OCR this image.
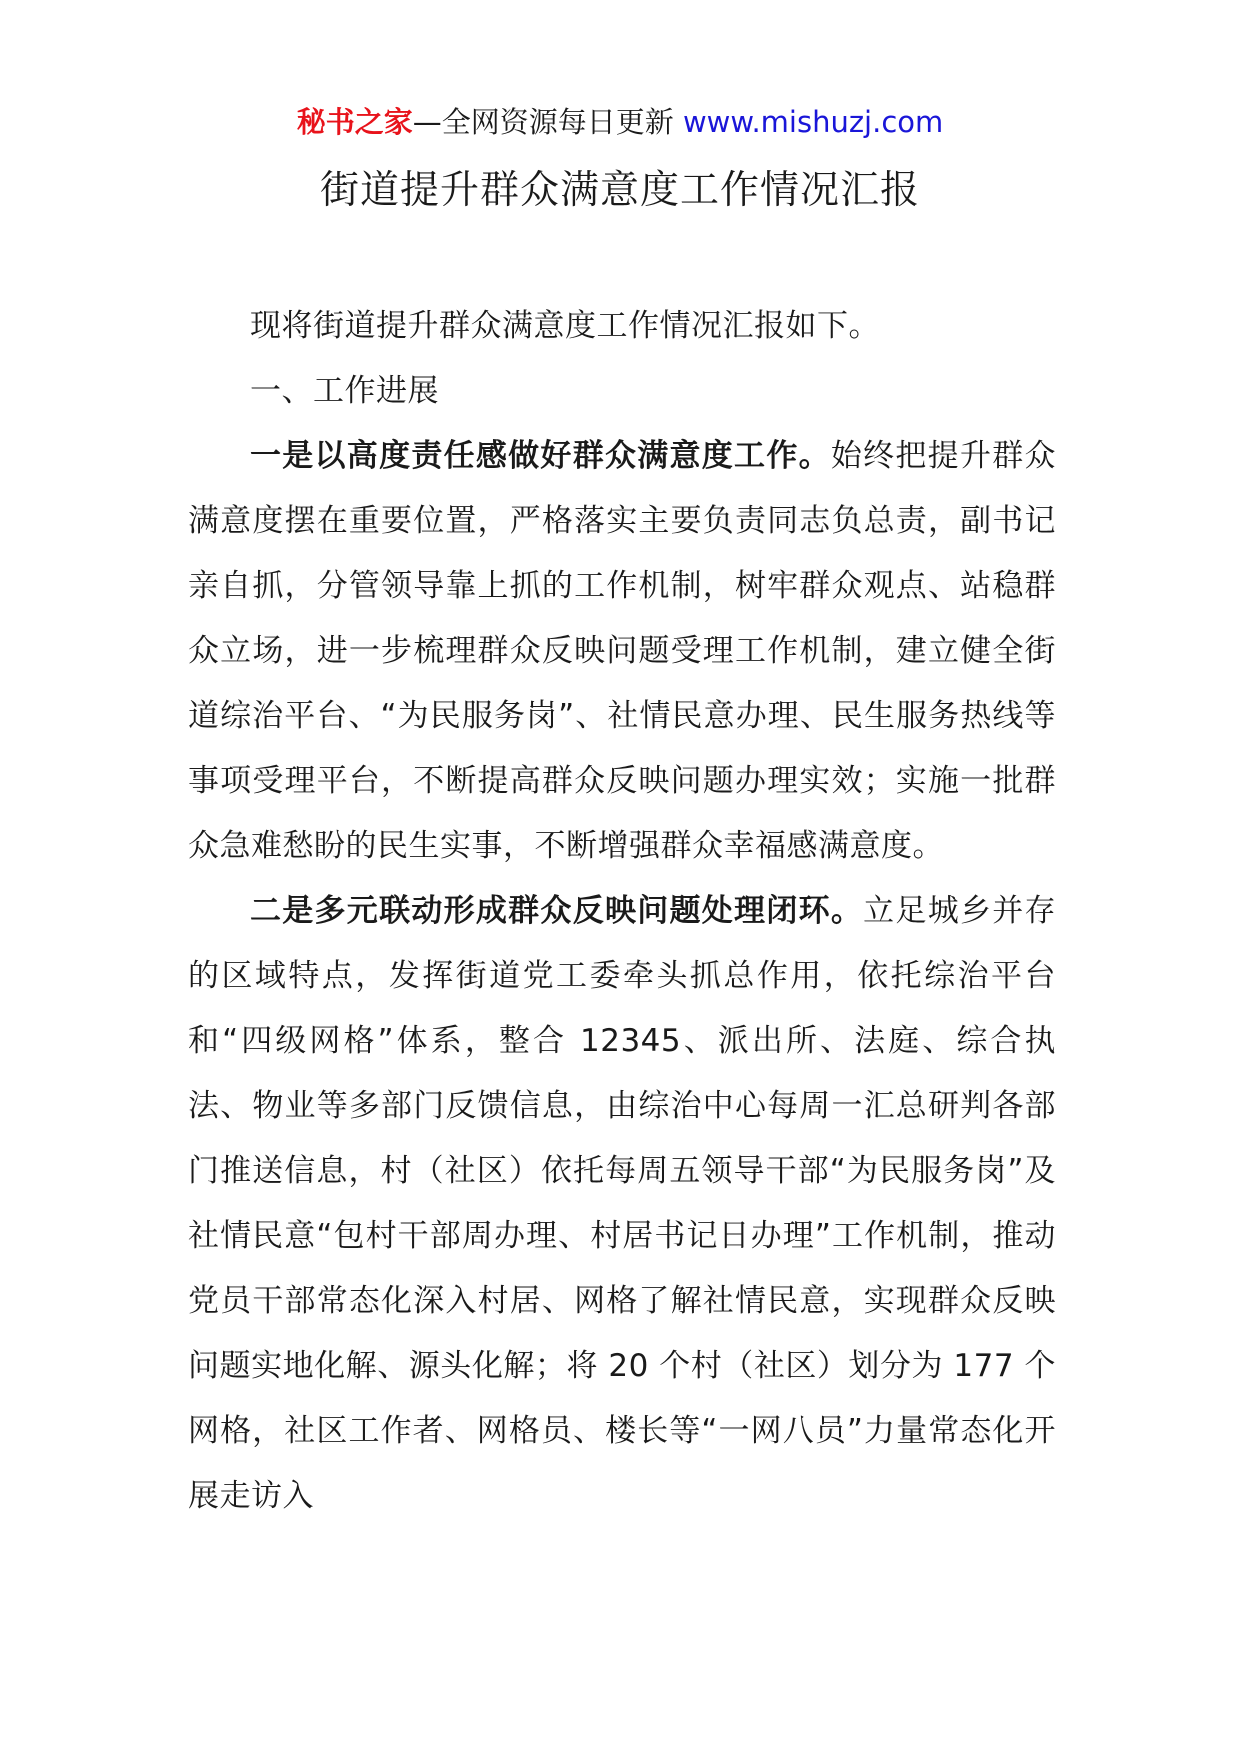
秘书之家—全网资源每日更新 www.mishuzj.com
街道提升群众满意度工作情况汇报

现将街道提升群众满意度工作情况汇报如下。

一、工作进展

一是以高度责任感做好群众满意度工作。始终把提升群众满意度摆在重要位置，严格落实主要负责同志负总责，副书记亲自抓，分管领导靠上抓的工作机制，树牢群众观点、站稳群众立场，进一步梳理群众反映问题受理工作机制，建立健全街道综治平台、“为民服务岗”、社情民意办理、民生服务热线等事项受理平台，不断提高群众反映问题办理实效；实施一批群众急难愁盼的民生实事，不断增强群众幸福感满意度。

二是多元联动形成群众反映问题处理闭环。立足城乡并存的区域特点，发挥街道党工委牵头抓总作用，依托综治平台和“四级网格”体系，整合 12345、派出所、法庭、综合执法、物业等多部门反馈信息，由综治中心每周一汇总研判各部门推送信息，村（社区）依托每周五领导干部“为民服务岗”及社情民意“包村干部周办理、村居书记日办理”工作机制，推动党员干部常态化深入村居、网格了解社情民意，实现群众反映问题实地化解、源头化解；将 20 个村（社区）划分为 177 个网格，社区工作者、网格员、楼长等“一网八员”力量常态化开展走访入
